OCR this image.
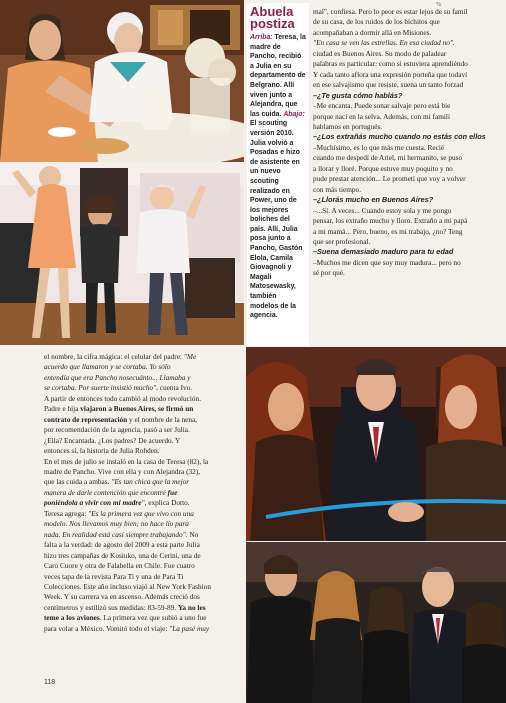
Abuela
postiza

Arriba: Teresa, la madre de Pancho, recibió a Julia en su departamento de Belgrano. Allí viven junto a Alejandra, que las cuida. Abajo: El scouting versión 2010. Julia volvió a Posadas e hizo de asistente en un nuevo scouting realizado en Power, uno de los mejores boliches del país. Allí, Julia posa junto a Pancho, Gastón Elola, Camila Giovagnoli y Magali Matosewasky, también modelos de la agencia.

%
mal", confiesa. Pero lo peor es estar lejos de su famil
de su casa, de los ruidos de los bichitos que
acompañaban a dormir allá en Misiones.
"En casa se ven las estrellas. En esa ciudad no".
ciudad es Buenos Aires. Su modo de paladear
palabras es particular: como si estuviera aprendiéndo
Y cada tanto aflora una expresión porteña que todaví
en ese salvajismo que resiste, suena un tanto forzad
–¿Te gusta cómo hablás?
–Me encanta. Puede sonar salvaje pero está bie
porque nací en la selva. Además, con mi famili
hablamos en portugués.
–¿Los extrañás mucho cuando no estás con ellos
–Muchísimo, es lo que más me cuesta. Recié
cuando me despedí de Ariel, mi hermanito, se puso
a llorar y lloré. Porque estuve muy poquito y no
pude prestar atención... Le prometí que voy a volver
con más tiempo.
–¿Llorás mucho en Buenos Aires?
–...Sí. A veces... Cuando estoy sola y me pongo
pensar, los extraño mucho y lloro. Extraño a mi papá
a mi mamá... Pero, bueno, es mi trabajo, ¿no? Teng
que ser profesional.
–Suena demasiado maduro para tu edad
–Muchos me dicen que soy muy madura... pero no
sé por qué.
el nombre, la cifra mágica: el celular del padre: "Me
acuerdo que llamaron y se cortaba. Yo sólo
entendía que era Pancho nosecuánto... Llamaba y
se cortaba. Por suerte insistió mucho", cuenta Ivo.
A partir de entonces todo cambió al modo revolución.
Padre e hija viajaron a Buenos Aires, se firmó un
contrato de representación y el nombre de la nena,
por recomendación de la agencia, pasó a ser Julia.
¿Ella? Encantada. ¿Los padres? De acuerdo. Y
entonces sí, la historia de Julia Rohden.
En el mes de julio se instaló en la casa de Teresa (82), la
madre de Pancho. Vive con ella y con Alejandra (32),
que las cuida a ambas. "Es tan chica que la mejor
manera de darle contención que encontré fue
poniéndola a vivir con mi madre", explica Dotto.
Teresa agrega: "Es la primera vez que vivo con una
modelo. Nos llevamos muy bien; no hace lío para
nada. En realidad está casi siempre trabajando". No
falta a la verdad: de agosto del 2009 a esta parte Julia
hizo tres campañas de Kosiuko, una de Cerini, una de
Caro Cuore y otra de Falabella en Chile. Fue cuatro
veces tapa de la revista Para Ti y una de Para Ti
Colecciones. Este año incluso viajó al New York Fashion
Week. Y su carrera va en ascenso. Además creció dos
centímetros y estilizó sus medidas: 83-59-89. Ya no les
teme a los aviones. La primera vez que subió a uno fue
para volar a México. Vomitó todo el viaje: "La pasé muy
118
